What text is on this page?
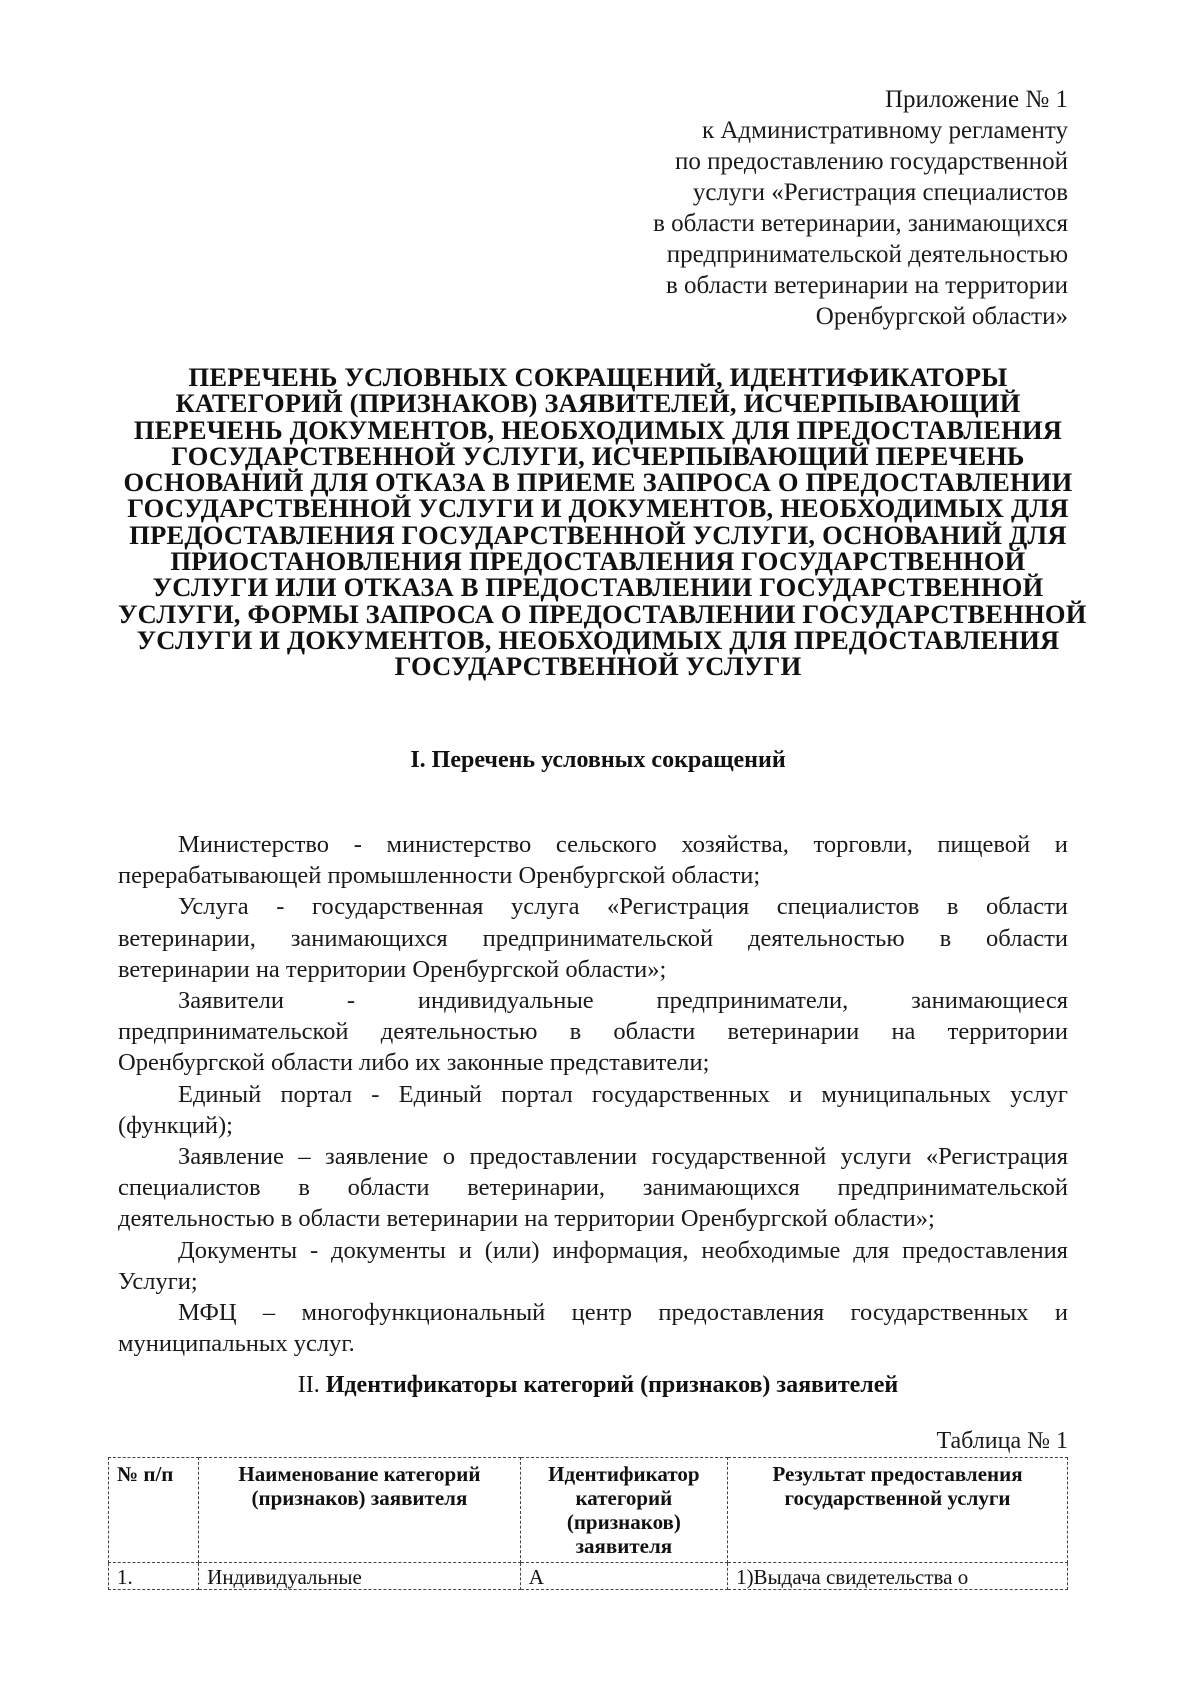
Приложение № 1
к Административному регламенту
по предоставлению государственной
услуги «Регистрация специалистов
в области ветеринарии, занимающихся
предпринимательской деятельностью
в области ветеринарии на территории
Оренбургской области»
ПЕРЕЧЕНЬ УСЛОВНЫХ СОКРАЩЕНИЙ, ИДЕНТИФИКАТОРЫ
КАТЕГОРИЙ (ПРИЗНАКОВ) ЗАЯВИТЕЛЕЙ, ИСЧЕРПЫВАЮЩИЙ
ПЕРЕЧЕНЬ ДОКУМЕНТОВ, НЕОБХОДИМЫХ ДЛЯ ПРЕДОСТАВЛЕНИЯ
ГОСУДАРСТВЕННОЙ УСЛУГИ, ИСЧЕРПЫВАЮЩИЙ ПЕРЕЧЕНЬ
ОСНОВАНИЙ ДЛЯ ОТКАЗА В ПРИЕМЕ ЗАПРОСА О ПРЕДОСТАВЛЕНИИ
ГОСУДАРСТВЕННОЙ УСЛУГИ И ДОКУМЕНТОВ, НЕОБХОДИМЫХ ДЛЯ
ПРЕДОСТАВЛЕНИЯ ГОСУДАРСТВЕННОЙ УСЛУГИ, ОСНОВАНИЙ ДЛЯ
ПРИОСТАНОВЛЕНИЯ ПРЕДОСТАВЛЕНИЯ ГОСУДАРСТВЕННОЙ
УСЛУГИ ИЛИ ОТКАЗА В ПРЕДОСТАВЛЕНИИ ГОСУДАРСТВЕННОЙ
УСЛУГИ, ФОРМЫ ЗАПРОСА О ПРЕДОСТАВЛЕНИИ ГОСУДАРСТВЕННОЙ
УСЛУГИ И ДОКУМЕНТОВ, НЕОБХОДИМЫХ ДЛЯ ПРЕДОСТАВЛЕНИЯ
ГОСУДАРСТВЕННОЙ УСЛУГИ
I. Перечень условных сокращений
Министерство - министерство сельского хозяйства, торговли, пищевой и
перерабатывающей промышленности Оренбургской области;
Услуга - государственная услуга «Регистрация специалистов в области
ветеринарии, занимающихся предпринимательской деятельностью в области
ветеринарии на территории Оренбургской области»;
Заявители	-	индивидуальные	предприниматели,	занимающиеся
предпринимательской деятельностью в области ветеринарии на территории
Оренбургской области либо их законные представители;
Единый портал - Единый портал государственных и муниципальных услуг
(функций);
Заявление – заявление о предоставлении государственной услуги «Регистрация
специалистов в области ветеринарии, занимающихся предпринимательской
деятельностью в области ветеринарии на территории Оренбургской области»;
Документы - документы и (или) информация, необходимые для предоставления
Услуги;
МФЦ – многофункциональный центр предоставления государственных и
муниципальных услуг.
II. Идентификаторы категорий (признаков) заявителей
Таблица № 1
№ п/п	Наименование категорий (признаков) заявителя	Идентификатор категорий (признаков) заявителя	Результат предоставления государственной услуги
1.	Индивидуальные	А	1)Выдача свидетельства о
